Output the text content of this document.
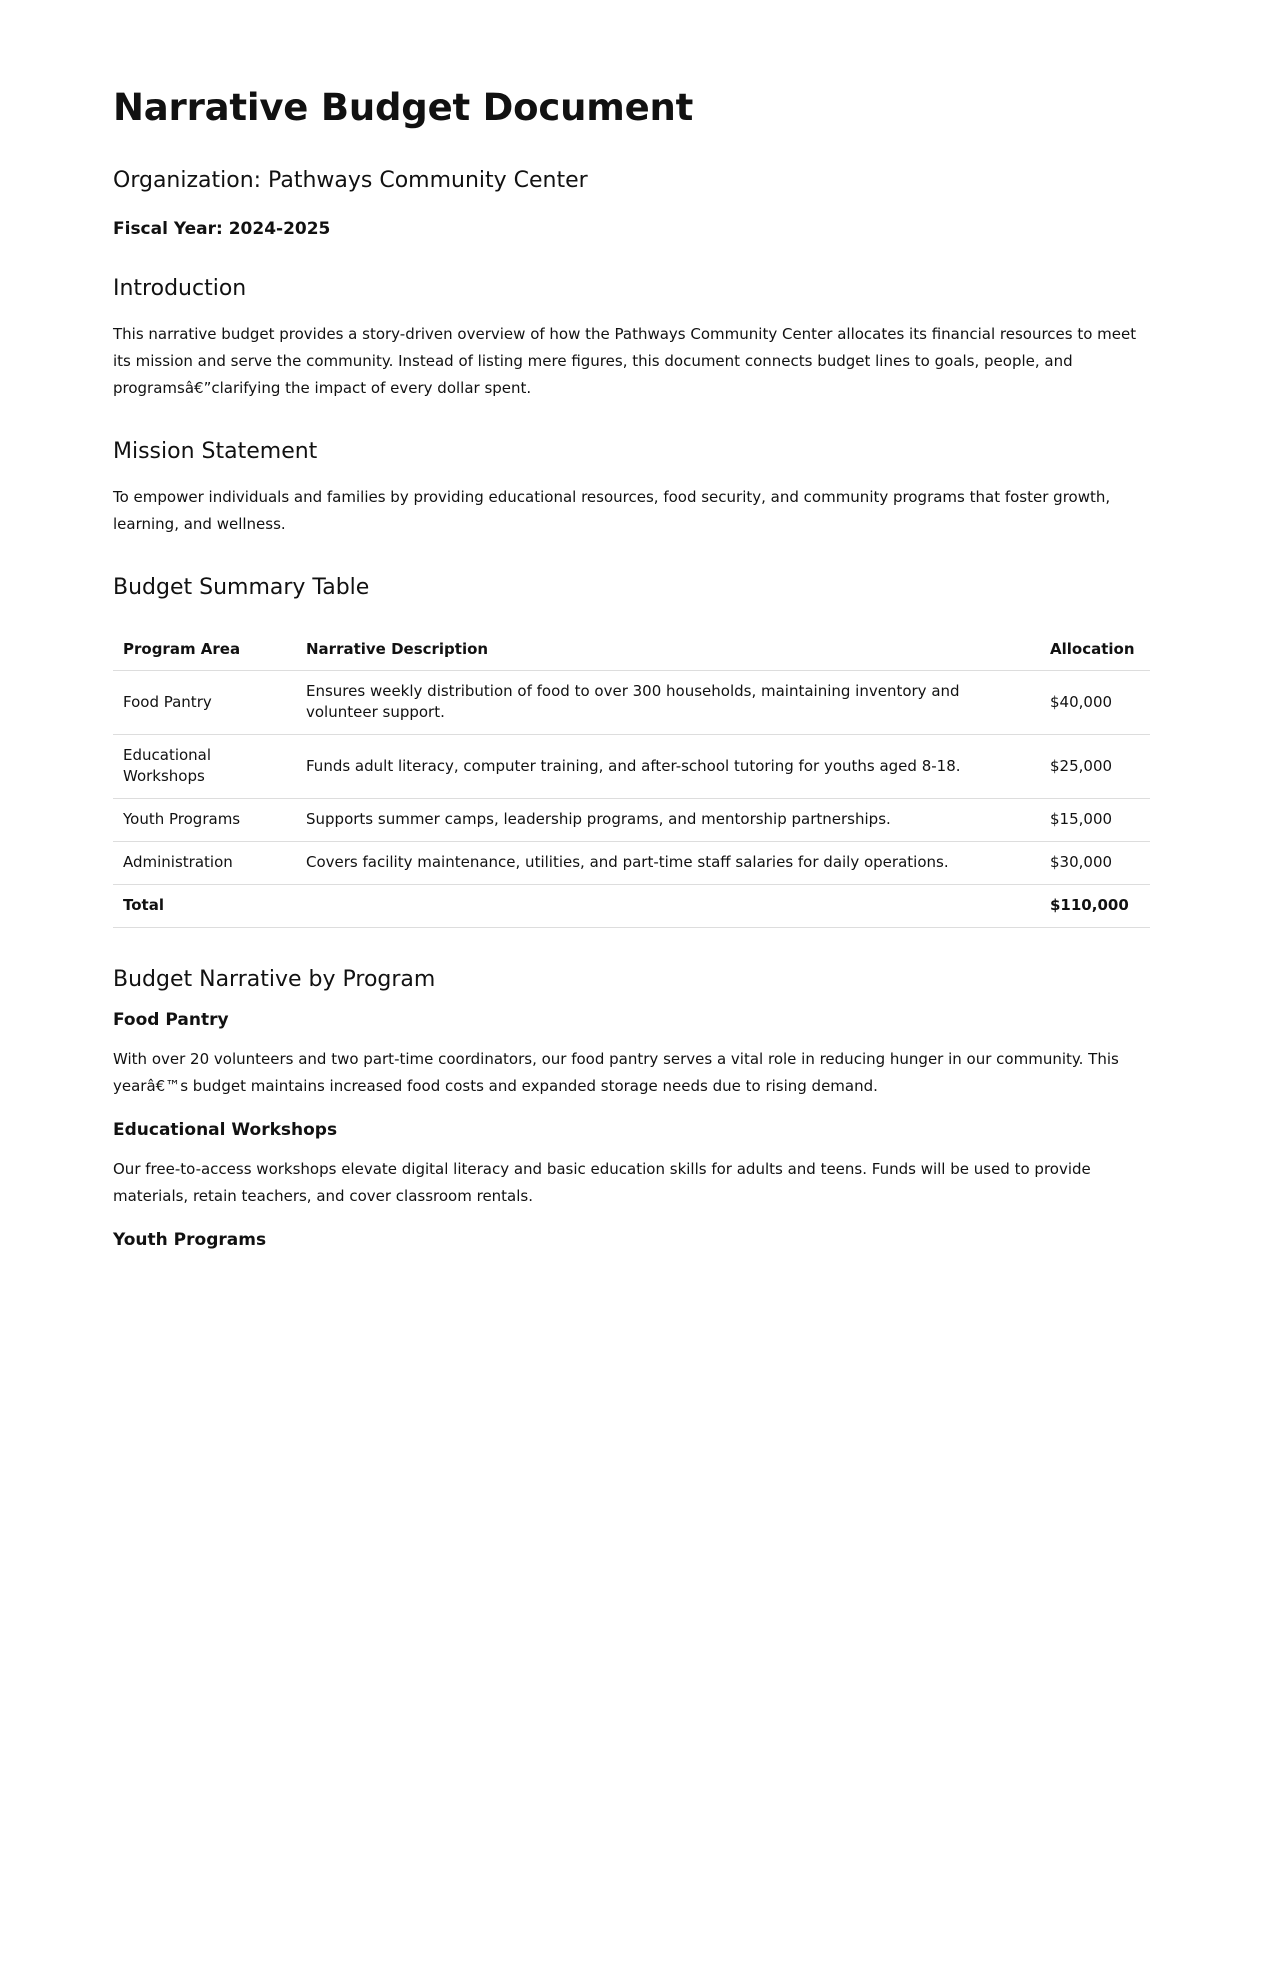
Narrative Budget Document
Organization: Pathways Community Center
Fiscal Year: 2024-2025
Introduction

This narrative budget provides a story-driven overview of how the Pathways Community Center allocates its financial resources to meet its mission and serve the community. Instead of listing mere figures, this document connects budget lines to goals, people, and programsâ€”clarifying the impact of every dollar spent.

Mission Statement

To empower individuals and families by providing educational resources, food security, and community programs that foster growth, learning, and wellness.

Budget Summary Table
Program Area	Narrative Description	Allocation
Food Pantry	Ensures weekly distribution of food to over 300 households, maintaining inventory and volunteer support.	$40,000
Educational Workshops	Funds adult literacy, computer training, and after-school tutoring for youths aged 8-18.	$25,000
Youth Programs	Supports summer camps, leadership programs, and mentorship partnerships.	$15,000
Administration	Covers facility maintenance, utilities, and part-time staff salaries for daily operations.	$30,000
Total		$110,000
Budget Narrative by Program
Food Pantry

With over 20 volunteers and two part-time coordinators, our food pantry serves a vital role in reducing hunger in our community. This yearâ€™s budget maintains increased food costs and expanded storage needs due to rising demand.

Educational Workshops

Our free-to-access workshops elevate digital literacy and basic education skills for adults and teens. Funds will be used to provide materials, retain teachers, and cover classroom rentals.

Youth Programs
